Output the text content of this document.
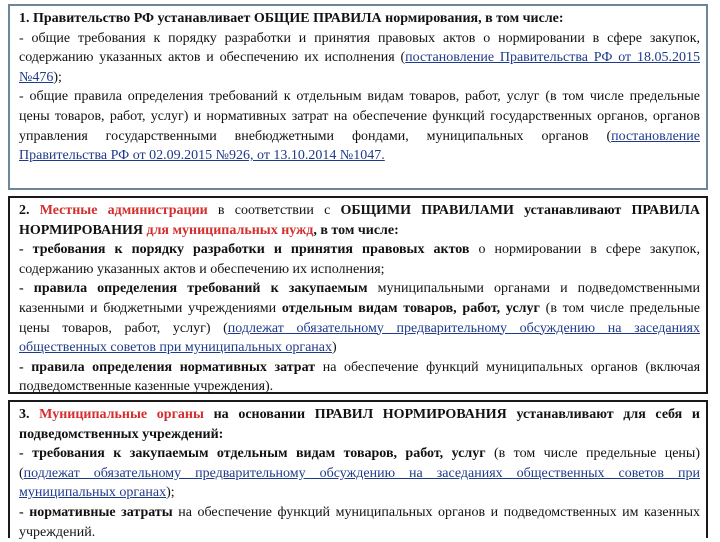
1. Правительство РФ устанавливает ОБЩИЕ ПРАВИЛА нормирования, в том числе:

- общие требования к порядку разработки и принятия правовых актов о нормировании в сфере закупок, содержанию указанных актов и обеспечению их исполнения (постановление Правительства РФ от 18.05.2015 №476);

- общие правила определения требований к отдельным видам товаров, работ, услуг (в том числе предельные цены товаров, работ, услуг) и нормативных затрат на обеспечение функций государственных органов, органов управления государственными внебюджетными фондами, муниципальных органов (постановление Правительства РФ от 02.09.2015 №926, от 13.10.2014 №1047.

2. Местные администрации в соответствии с ОБЩИМИ ПРАВИЛАМИ устанавливают ПРАВИЛА НОРМИРОВАНИЯ для муниципальных нужд, в том числе:

- требования к порядку разработки и принятия правовых актов о нормировании в сфере закупок, содержанию указанных актов и обеспечению их исполнения;

- правила определения требований к закупаемым муниципальными органами и подведомственными казенными и бюджетными учреждениями отдельным видам товаров, работ, услуг (в том числе предельные цены товаров, работ, услуг) (подлежат обязательному предварительному обсуждению на заседаниях общественных советов при муниципальных органах)

- правила определения нормативных затрат на обеспечение функций муниципальных органов (включая подведомственные казенные учреждения).

3. Муниципальные органы на основании ПРАВИЛ НОРМИРОВАНИЯ устанавливают для себя и подведомственных учреждений:

- требования к закупаемым отдельным видам товаров, работ, услуг (в том числе предельные цены) (подлежат обязательному предварительному обсуждению на заседаниях общественных советов при муниципальных органах);

- нормативные затраты на обеспечение функций муниципальных органов и подведомственных им казенных учреждений.
